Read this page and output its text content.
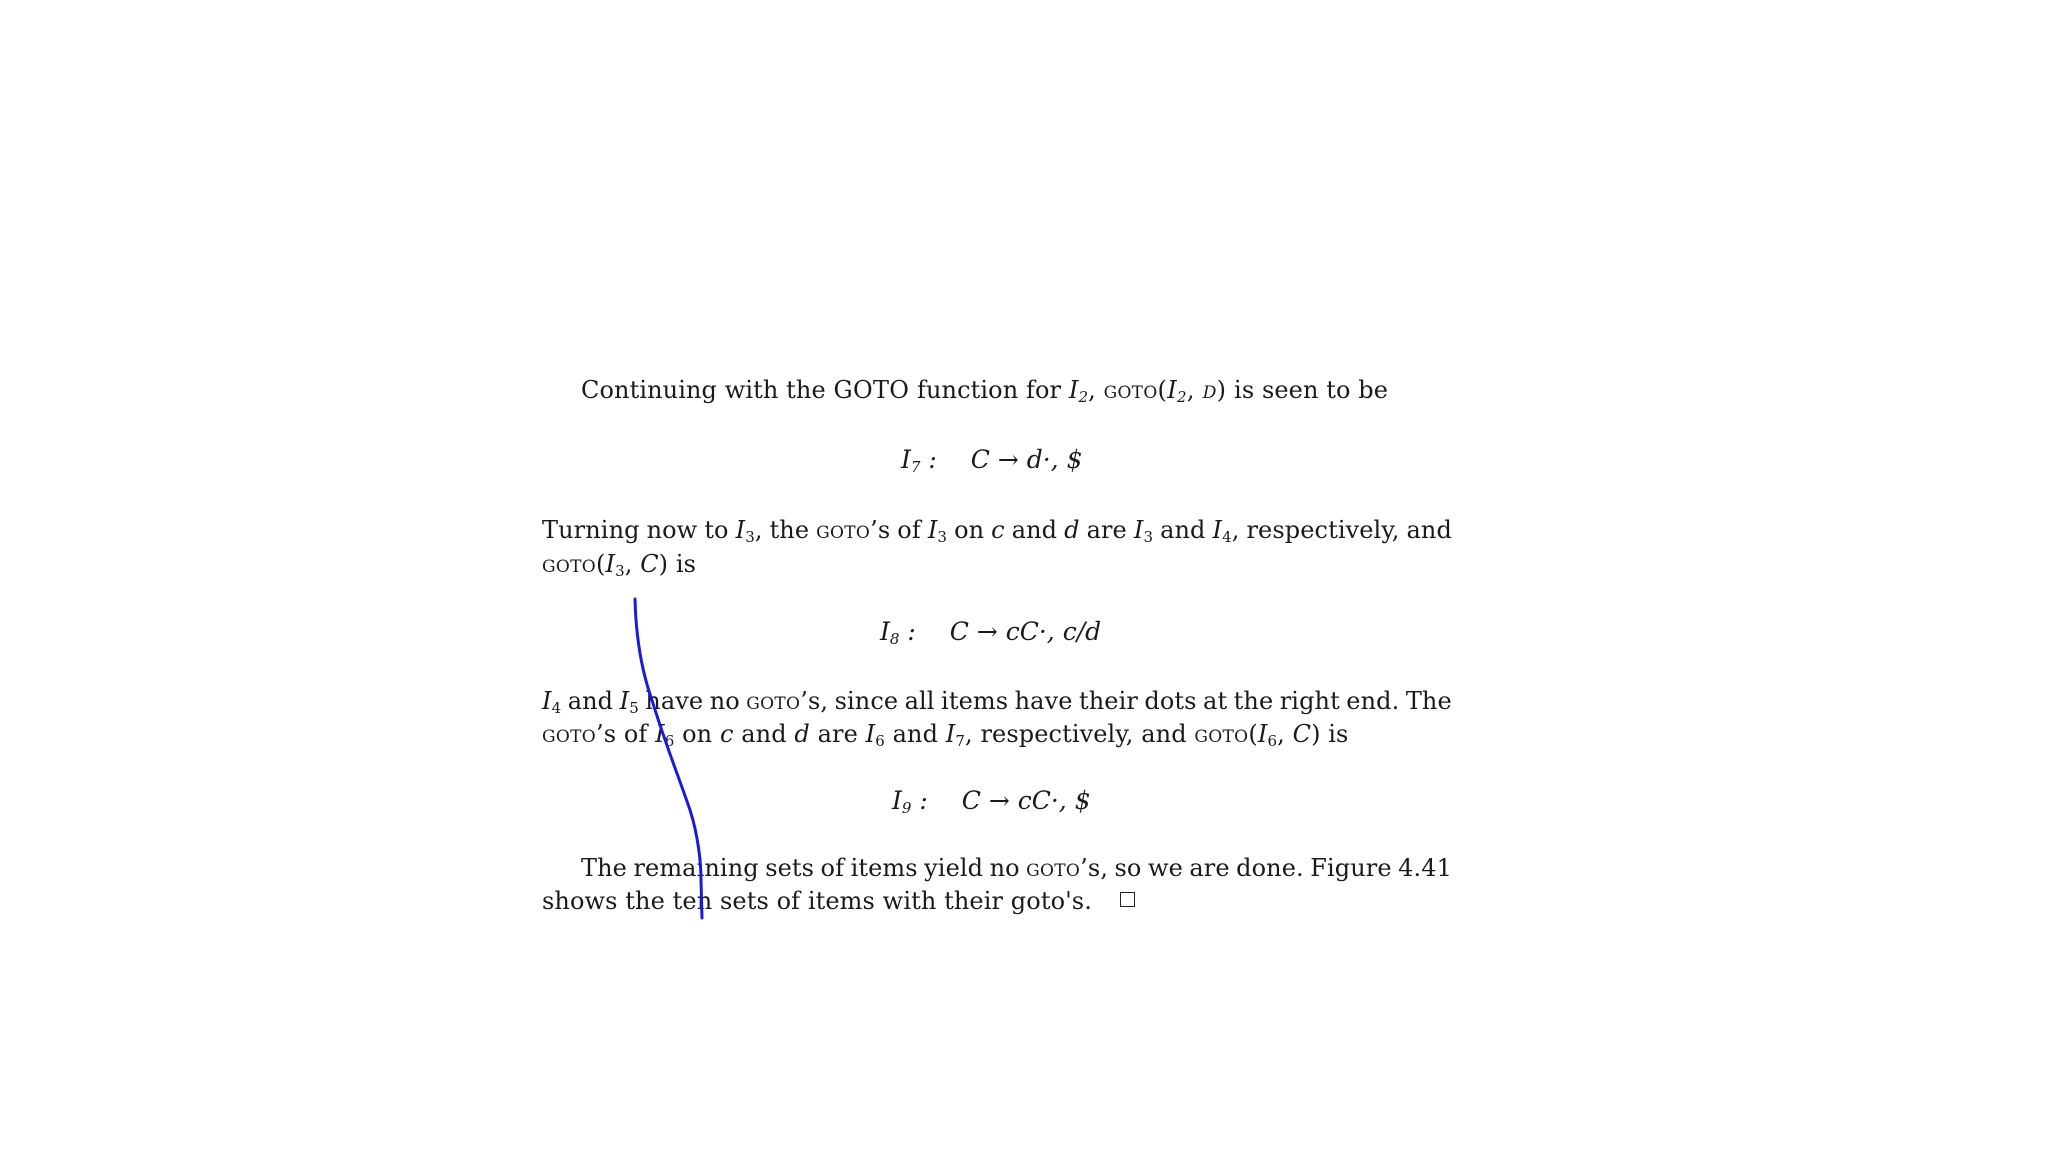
Continuing with the GOTO function for $I_2$, $goto(I_2$, d) is seen to be
$I_7$ : C → d·, $
Turning now to $I_3$, the goto’s of $I_3$ on c and d are $I_3$ and $I_4$, respectively, and
$goto(I_3$, C) is
$I_8$ : C → cC·, c/d
$I_4$ and $I_5$ have no goto’s, since all items have their dots at the right end. The
goto’s of $I_6$ on c and d are $I_6$ and $I_7$, respectively, and $goto(I_6$, C) is
$I_9$ : C → cC·, $
The remaining sets of items yield no goto’s, so we are done. Figure 4.41
shows the ten sets of items with their goto's.
